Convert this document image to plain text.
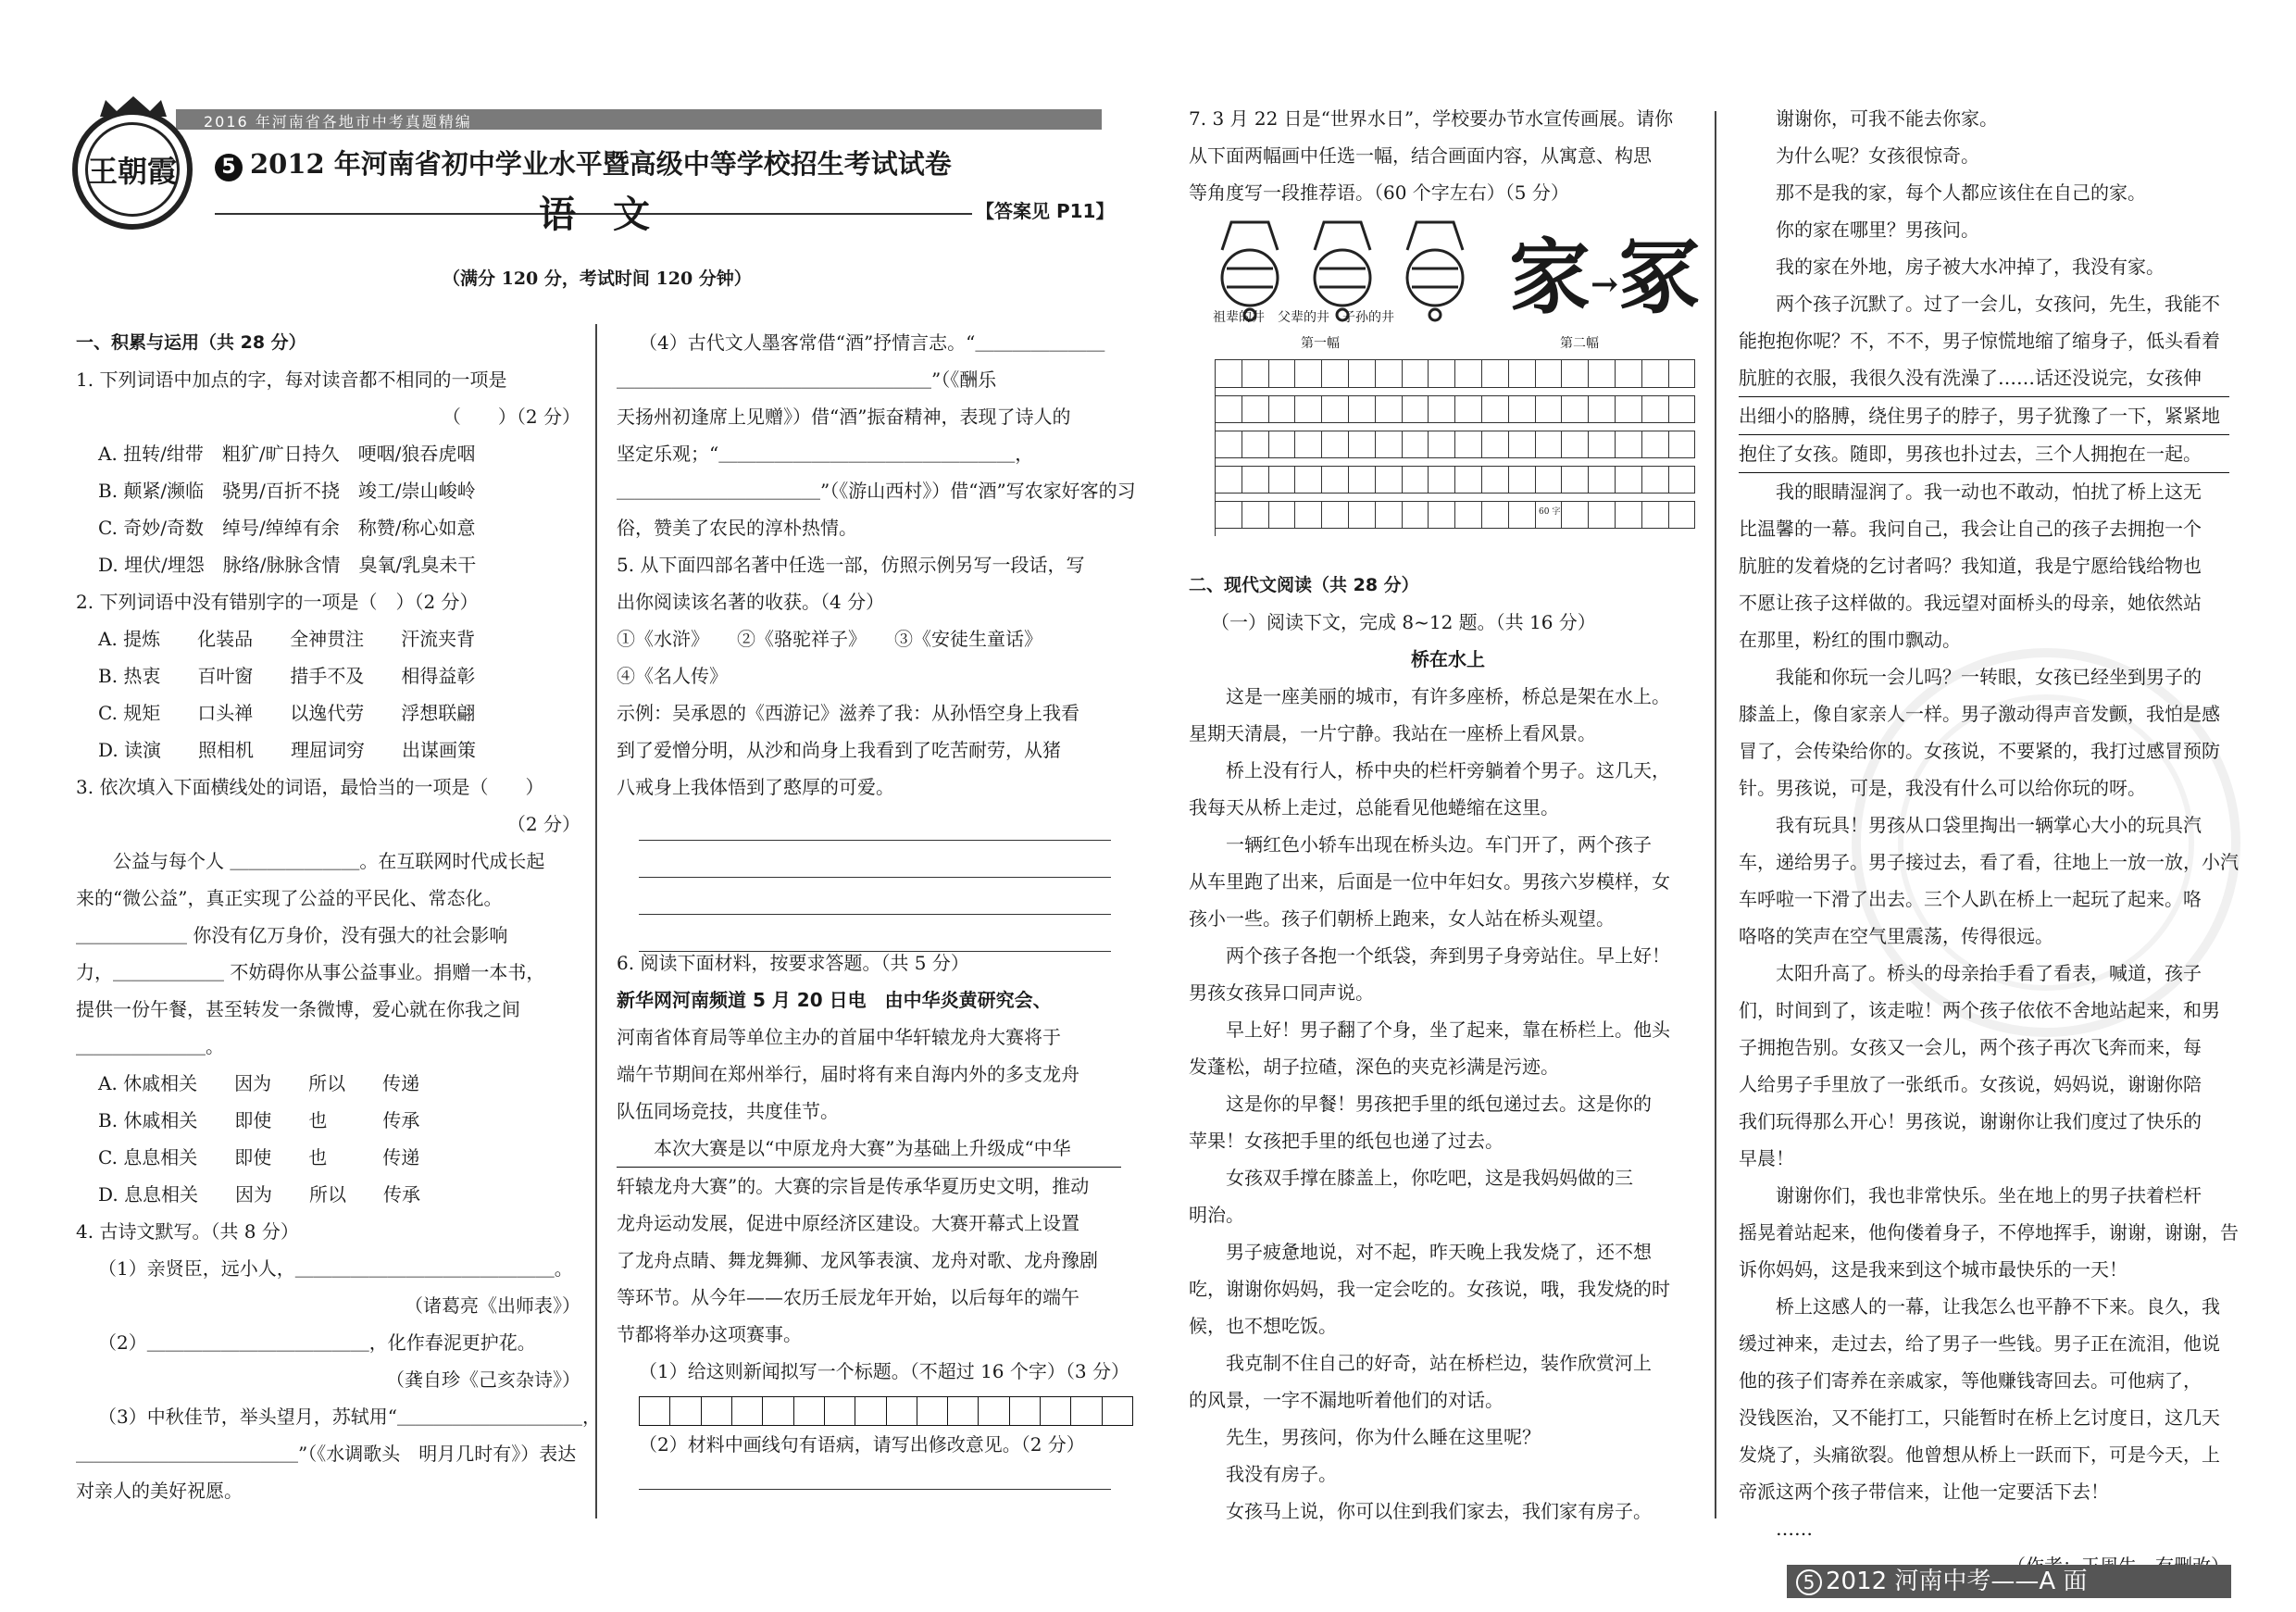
2016 年河南省各地市中考真题精编
王朝霞	5 2012 年河南省初中学业水平暨高级中等学校招生考试试卷
语文	【答案见 P11】
（满分 120 分，考试时间 120 分钟）

一、积累与运用（共 28 分）

1. 下列词语中加点的字，每对读音都不相同的一项是

（　　）（2 分）

A. 扭转/绀带　粗犷/旷日持久　哽咽/狼吞虎咽

B. 颠紧/濒临　骁男/百折不挠　竣工/崇山峻岭

C. 奇妙/奇数　绰号/绰绰有余　称赞/称心如意

D. 埋伏/埋怨　脉络/脉脉含情　臭氧/乳臭未干

2. 下列词语中没有错别字的一项是（　）（2 分）

A. 提炼　　化装品　　全神贯注　　汗流夹背

B. 热衷　　百叶窗　　措手不及　　相得益彰

C. 规矩　　口头禅　　以逸代劳　　浮想联翩

D. 读演　　照相机　　理屈词穷　　出谋画策

3. 依次填入下面横线处的词语，最恰当的一项是（　　）

（2 分）

　　公益与每个人 ＿＿＿＿＿＿＿。在互联网时代成长起

来的“微公益”，真正实现了公益的平民化、常态化。

＿＿＿＿＿＿ 你没有亿万身价，没有强大的社会影响

力，＿＿＿＿＿＿ 不妨碍你从事公益事业。捐赠一本书，

提供一份午餐，甚至转发一条微博，爱心就在你我之间

＿＿＿＿＿＿＿。

A. 休戚相关　　因为　　所以　　传递

B. 休戚相关　　即使　　也　　　传承

C. 息息相关　　即使　　也　　　传递

D. 息息相关　　因为　　所以　　传承

4. 古诗文默写。（共 8 分）

（1）亲贤臣，远小人，＿＿＿＿＿＿＿＿＿＿＿＿＿＿。

（诸葛亮《出师表》）

（2）＿＿＿＿＿＿＿＿＿＿＿＿，化作春泥更护花。

（龚自珍《己亥杂诗》）

（3）中秋佳节，举头望月，苏轼用“＿＿＿＿＿＿＿＿＿＿，

＿＿＿＿＿＿＿＿＿＿＿＿”（《水调歌头　明月几时有》）表达

对亲人的美好祝愿。

（4）古代文人墨客常借“酒”抒情言志。“＿＿＿＿＿＿＿

＿＿＿＿＿＿＿＿＿＿＿＿＿＿＿＿＿”（《酬乐

天扬州初逢席上见赠》）借“酒”振奋精神，表现了诗人的

坚定乐观；“＿＿＿＿＿＿＿＿＿＿＿＿＿＿＿＿，

＿＿＿＿＿＿＿＿＿＿＿”（《游山西村》）借“酒”写农家好客的习

俗，赞美了农民的淳朴热情。

5. 从下面四部名著中任选一部，仿照示例另写一段话，写

出你阅读该名著的收获。（4 分）

①《水浒》　　②《骆驼祥子》　　③《安徒生童话》

④《名人传》

示例：吴承恩的《西游记》滋养了我：从孙悟空身上我看

到了爱憎分明，从沙和尚身上我看到了吃苦耐劳，从猪

八戒身上我体悟到了憨厚的可爱。

6. 阅读下面材料，按要求答题。（共 5 分）

新华网河南频道 5 月 20 日电　由中华炎黄研究会、

河南省体育局等单位主办的首届中华轩辕龙舟大赛将于

端午节期间在郑州举行，届时将有来自海内外的多支龙舟

队伍同场竞技，共度佳节。

　　本次大赛是以“中原龙舟大赛”为基础上升级成“中华

轩辕龙舟大赛”的。大赛的宗旨是传承华夏历史文明，推动

龙舟运动发展，促进中原经济区建设。大赛开幕式上设置

了龙舟点睛、舞龙舞狮、龙风筝表演、龙舟对歌、龙舟豫剧

等环节。从今年——农历壬辰龙年开始，以后每年的端午

节都将举办这项赛事。

（1）给这则新闻拟写一个标题。（不超过 16 个字）（3 分）

（2）材料中画线句有语病，请写出修改意见。（2 分）

7. 3 月 22 日是“世界水日”，学校要办节水宣传画展。请你

从下面两幅画中任选一幅，结合画面内容，从寓意、构思

等角度写一段推荐语。（60 个字左右）（5 分）

家→冢
祖辈的井　父辈的井　子孙的井
第一幅	第二幅
60 字

二、现代文阅读（共 28 分）

（一）阅读下文，完成 8~12 题。（共 16 分）

桥在水上

　　这是一座美丽的城市，有许多座桥，桥总是架在水上。

星期天清晨，一片宁静。我站在一座桥上看风景。

　　桥上没有行人，桥中央的栏杆旁躺着个男子。这几天，

我每天从桥上走过，总能看见他蜷缩在这里。

　　一辆红色小轿车出现在桥头边。车门开了，两个孩子

从车里跑了出来，后面是一位中年妇女。男孩六岁模样，女

孩小一些。孩子们朝桥上跑来，女人站在桥头观望。

　　两个孩子各抱一个纸袋，奔到男子身旁站住。早上好！

男孩女孩异口同声说。

　　早上好！男子翻了个身，坐了起来，靠在桥栏上。他头

发蓬松，胡子拉碴，深色的夹克衫满是污迹。

　　这是你的早餐！男孩把手里的纸包递过去。这是你的

苹果！女孩把手里的纸包也递了过去。

　　女孩双手撑在膝盖上，你吃吧，这是我妈妈做的三

明治。

　　男子疲惫地说，对不起，昨天晚上我发烧了，还不想

吃，谢谢你妈妈，我一定会吃的。女孩说，哦，我发烧的时

候，也不想吃饭。

　　我克制不住自己的好奇，站在桥栏边，装作欣赏河上

的风景，一字不漏地听着他们的对话。

　　先生，男孩问，你为什么睡在这里呢？

　　我没有房子。

　　女孩马上说，你可以住到我们家去，我们家有房子。

　　谢谢你，可我不能去你家。

　　为什么呢？女孩很惊奇。

　　那不是我的家，每个人都应该住在自己的家。

　　你的家在哪里？男孩问。

　　我的家在外地，房子被大水冲掉了，我没有家。

　　两个孩子沉默了。过了一会儿，女孩问，先生，我能不

能抱抱你呢？不，不不，男子惊慌地缩了缩身子，低头看着

肮脏的衣服，我很久没有洗澡了……话还没说完，女孩伸

出细小的胳膊，绕住男子的脖子，男子犹豫了一下，紧紧地

抱住了女孩。随即，男孩也扑过去，三个人拥抱在一起。

　　我的眼睛湿润了。我一动也不敢动，怕扰了桥上这无

比温馨的一幕。我问自己，我会让自己的孩子去拥抱一个

肮脏的发着烧的乞讨者吗？我知道，我是宁愿给钱给物也

不愿让孩子这样做的。我远望对面桥头的母亲，她依然站

在那里，粉红的围巾飘动。

　　我能和你玩一会儿吗？一转眼，女孩已经坐到男子的

膝盖上，像自家亲人一样。男子激动得声音发颤，我怕是感

冒了，会传染给你的。女孩说，不要紧的，我打过感冒预防

针。男孩说，可是，我没有什么可以给你玩的呀。

　　我有玩具！男孩从口袋里掏出一辆掌心大小的玩具汽

车，递给男子。男子接过去，看了看，往地上一放一放，小汽

车呼啦一下滑了出去。三个人趴在桥上一起玩了起来。咯

咯咯的笑声在空气里震荡，传得很远。

　　太阳升高了。桥头的母亲抬手看了看表，喊道，孩子

们，时间到了，该走啦！两个孩子依依不舍地站起来，和男

子拥抱告别。女孩又一会儿，两个孩子再次飞奔而来，每

人给男子手里放了一张纸币。女孩说，妈妈说，谢谢你陪

我们玩得那么开心！男孩说，谢谢你让我们度过了快乐的

早晨！

　　谢谢你们，我也非常快乐。坐在地上的男子扶着栏杆

摇晃着站起来，他佝偻着身子，不停地挥手，谢谢，谢谢，告

诉你妈妈，这是我来到这个城市最快乐的一天！

　　桥上这感人的一幕，让我怎么也平静不下来。良久，我

缓过神来，走过去，给了男子一些钱。男子正在流泪，他说

他的孩子们寄养在亲戚家，等他赚钱寄回去。可他病了，

没钱医治，又不能打工，只能暂时在桥上乞讨度日，这几天

发烧了，头痛欲裂。他曾想从桥上一跃而下，可是今天，上

帝派这两个孩子带信来，让他一定要活下去！

　　……

5 2012 河南中考——A 面
